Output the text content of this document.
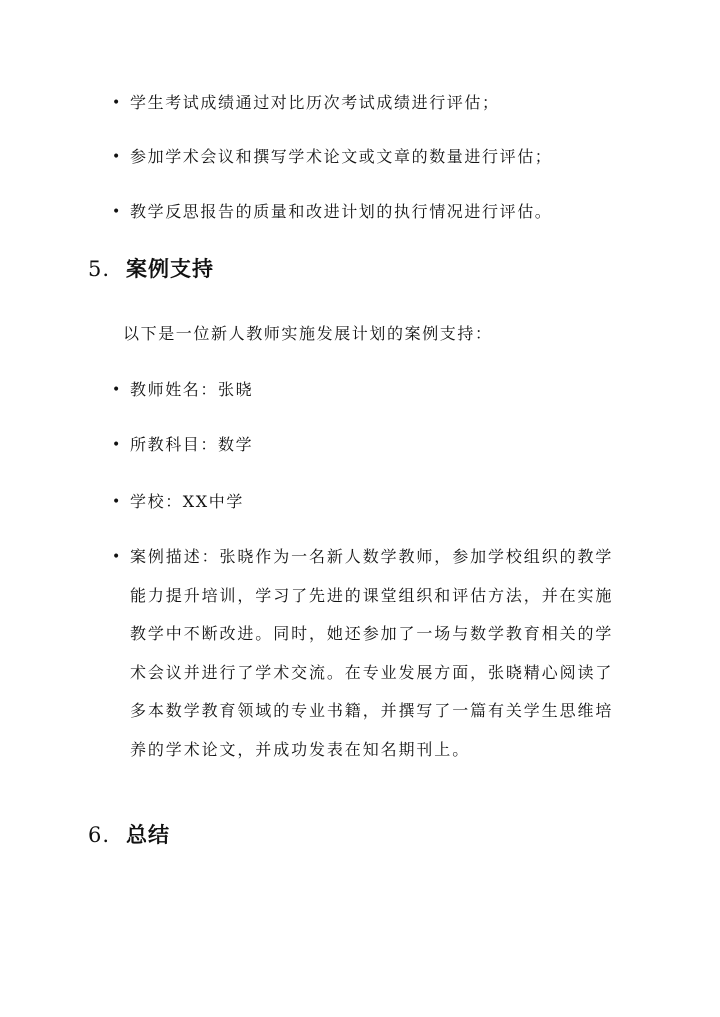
• 学生考试成绩通过对比历次考试成绩进行评估；
• 参加学术会议和撰写学术论文或文章的数量进行评估；
• 教学反思报告的质量和改进计划的执行情况进行评估。
5. 案例支持

以下是一位新人教师实施发展计划的案例支持：

• 教师姓名：张晓
• 所教科目：数学
• 学校：XX中学
• 案例描述：张晓作为一名新人数学教师，参加学校组织的教学能力提升培训，学习了先进的课堂组织和评估方法，并在实施教学中不断改进。同时，她还参加了一场与数学教育相关的学术会议并进行了学术交流。在专业发展方面，张晓精心阅读了多本数学教育领域的专业书籍，并撰写了一篇有关学生思维培养的学术论文，并成功发表在知名期刊上。
6. 总结
